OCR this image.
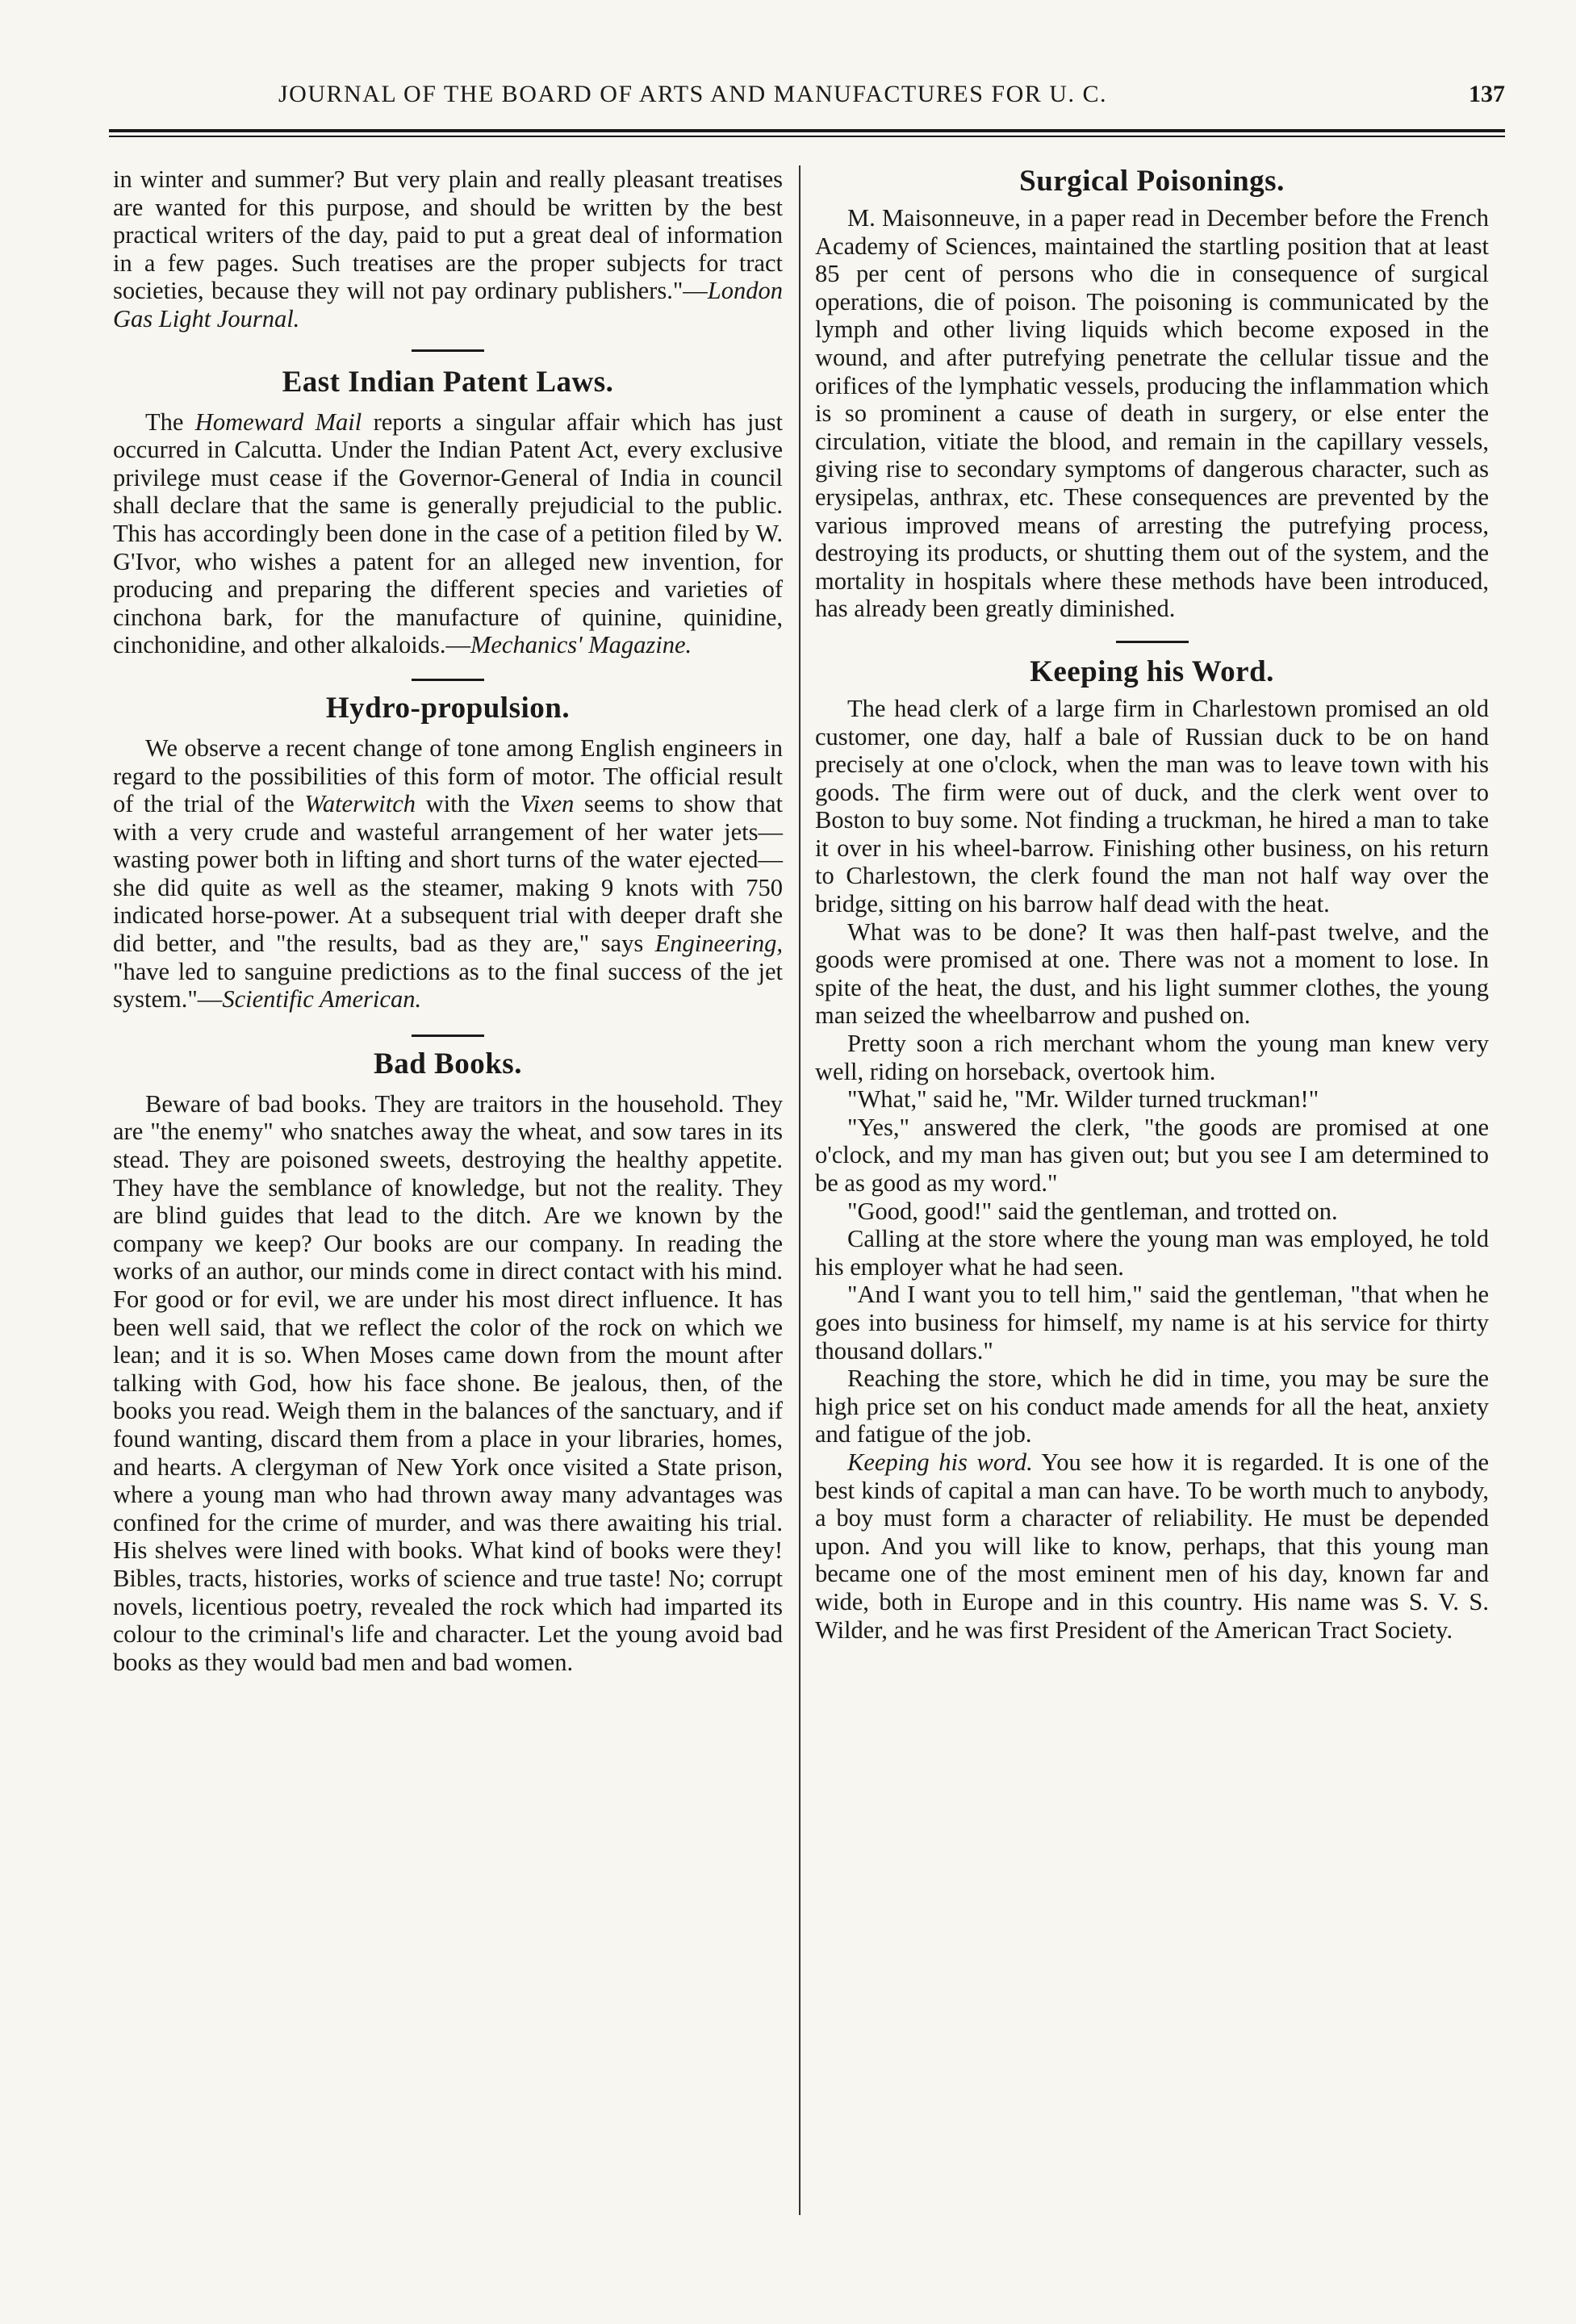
JOURNAL OF THE BOARD OF ARTS AND MANUFACTURES FOR U. C.	137

in winter and summer? But very plain and really pleasant treatises are wanted for this purpose, and should be written by the best practical writers of the day, paid to put a great deal of information in a few pages. Such treatises are the proper subjects for tract societies, because they will not pay ordinary publishers."—London Gas Light Journal.

East Indian Patent Laws.

The Homeward Mail reports a singular affair which has just occurred in Calcutta. Under the Indian Patent Act, every exclusive privilege must cease if the Governor-General of India in council shall declare that the same is generally prejudicial to the public. This has accordingly been done in the case of a petition filed by W. G'Ivor, who wishes a patent for an alleged new invention, for producing and preparing the different species and varieties of cinchona bark, for the manufacture of quinine, quinidine, cinchonidine, and other alkaloids.—Mechanics' Magazine.

Hydro-propulsion.

We observe a recent change of tone among English engineers in regard to the possibilities of this form of motor. The official result of the trial of the Waterwitch with the Vixen seems to show that with a very crude and wasteful arrangement of her water jets—wasting power both in lifting and short turns of the water ejected—she did quite as well as the steamer, making 9 knots with 750 indicated horse-power. At a subsequent trial with deeper draft she did better, and "the results, bad as they are," says Engineering, "have led to sanguine predictions as to the final success of the jet system."—Scientific American.

Bad Books.

Beware of bad books. They are traitors in the household. They are "the enemy" who snatches away the wheat, and sow tares in its stead. They are poisoned sweets, destroying the healthy appetite. They have the semblance of knowledge, but not the reality. They are blind guides that lead to the ditch. Are we known by the company we keep? Our books are our company. In reading the works of an author, our minds come in direct contact with his mind. For good or for evil, we are under his most direct influence. It has been well said, that we reflect the color of the rock on which we lean; and it is so. When Moses came down from the mount after talking with God, how his face shone. Be jealous, then, of the books you read. Weigh them in the balances of the sanctuary, and if found wanting, discard them from a place in your libraries, homes, and hearts. A clergyman of New York once visited a State prison, where a young man who had thrown away many advantages was confined for the crime of murder, and was there awaiting his trial. His shelves were lined with books. What kind of books were they! Bibles, tracts, histories, works of science and true taste! No; corrupt novels, licentious poetry, revealed the rock which had imparted its colour to the criminal's life and character. Let the young avoid bad books as they would bad men and bad women.

Surgical Poisonings.

M. Maisonneuve, in a paper read in December before the French Academy of Sciences, maintained the startling position that at least 85 per cent of persons who die in consequence of surgical operations, die of poison. The poisoning is communicated by the lymph and other living liquids which become exposed in the wound, and after putrefying penetrate the cellular tissue and the orifices of the lymphatic vessels, producing the inflammation which is so prominent a cause of death in surgery, or else enter the circulation, vitiate the blood, and remain in the capillary vessels, giving rise to secondary symptoms of dangerous character, such as erysipelas, anthrax, etc. These consequences are prevented by the various improved means of arresting the putrefying process, destroying its products, or shutting them out of the system, and the mortality in hospitals where these methods have been introduced, has already been greatly diminished.

Keeping his Word.

The head clerk of a large firm in Charlestown promised an old customer, one day, half a bale of Russian duck to be on hand precisely at one o'clock, when the man was to leave town with his goods. The firm were out of duck, and the clerk went over to Boston to buy some. Not finding a truckman, he hired a man to take it over in his wheel-barrow. Finishing other business, on his return to Charlestown, the clerk found the man not half way over the bridge, sitting on his barrow half dead with the heat.

What was to be done? It was then half-past twelve, and the goods were promised at one. There was not a moment to lose. In spite of the heat, the dust, and his light summer clothes, the young man seized the wheelbarrow and pushed on.

Pretty soon a rich merchant whom the young man knew very well, riding on horseback, overtook him.

"What," said he, "Mr. Wilder turned truckman!"

"Yes," answered the clerk, "the goods are promised at one o'clock, and my man has given out; but you see I am determined to be as good as my word."

"Good, good!" said the gentleman, and trotted on.

Calling at the store where the young man was employed, he told his employer what he had seen.

"And I want you to tell him," said the gentleman, "that when he goes into business for himself, my name is at his service for thirty thousand dollars."

Reaching the store, which he did in time, you may be sure the high price set on his conduct made amends for all the heat, anxiety and fatigue of the job.

Keeping his word. You see how it is regarded. It is one of the best kinds of capital a man can have. To be worth much to anybody, a boy must form a character of reliability. He must be depended upon. And you will like to know, perhaps, that this young man became one of the most eminent men of his day, known far and wide, both in Europe and in this country. His name was S. V. S. Wilder, and he was first President of the American Tract Society.
